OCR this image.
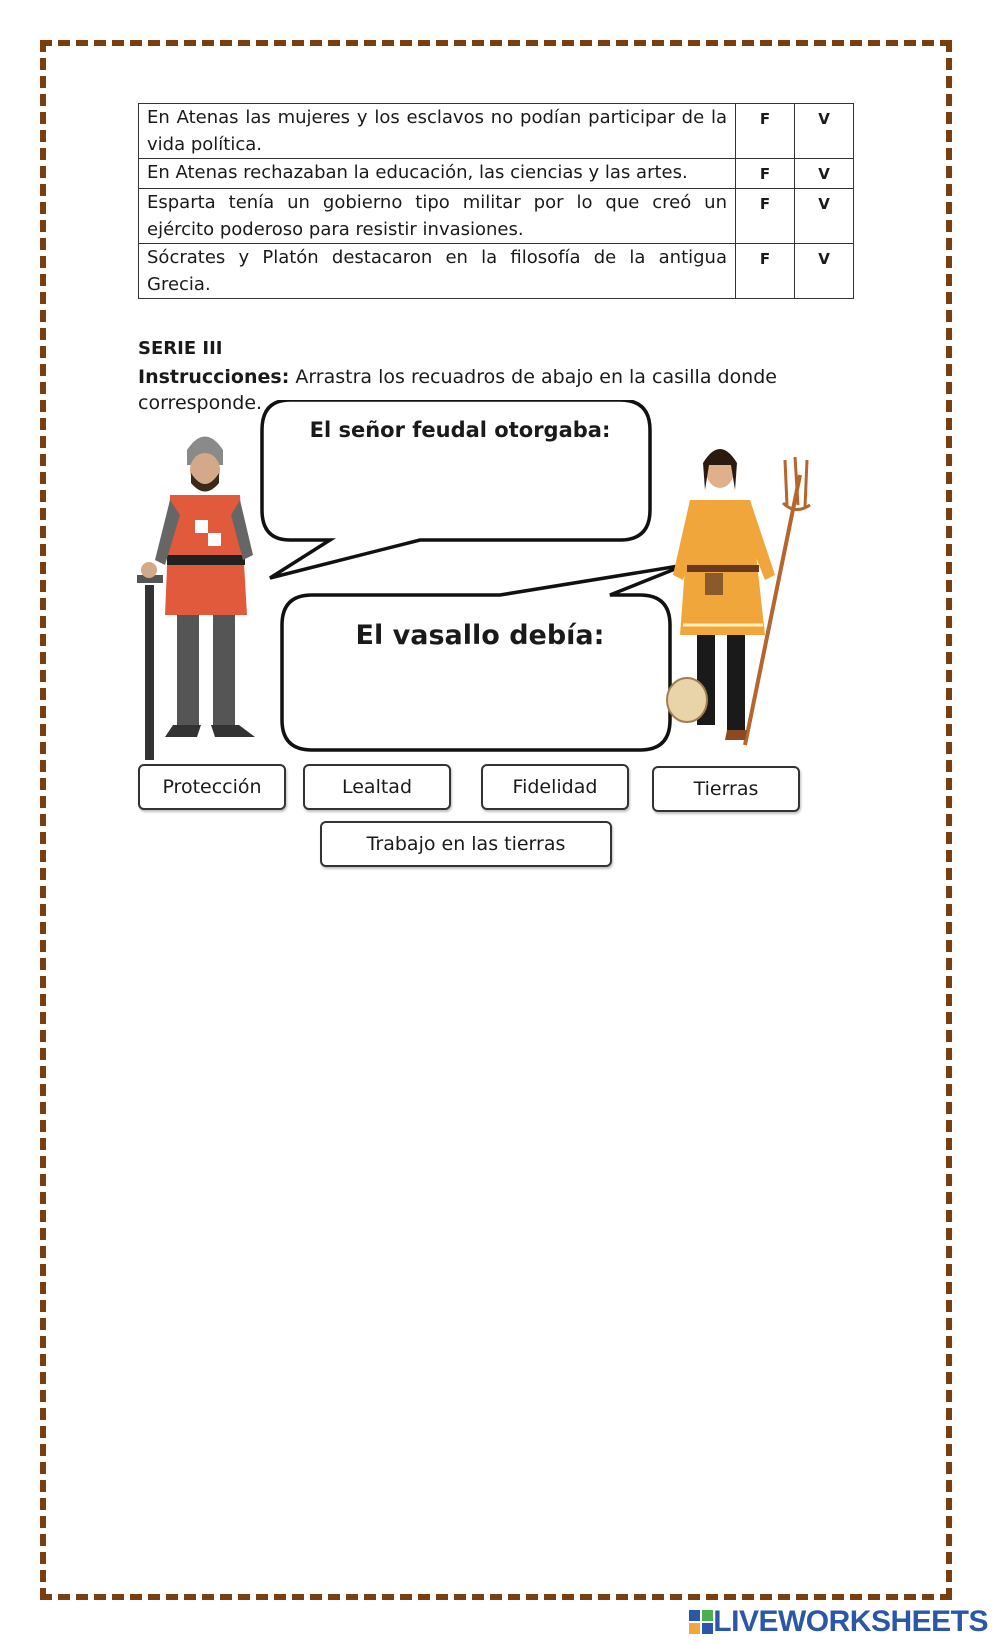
En Atenas las mujeres y los esclavos no podían participar de la vida política.	F	V
En Atenas rechazaban la educación, las ciencias y las artes.	F	V
Esparta tenía un gobierno tipo militar por lo que creó un ejército poderoso para resistir invasiones.	F	V
Sócrates y Platón destacaron en la filosofía de la antigua Grecia.	F	V
SERIE III
Instrucciones: Arrastra los recuadros de abajo en la casilla donde corresponde.
El señor feudal otorgaba:
El vasallo debía:
Protección	Lealtad	Fidelidad	Tierras
Trabajo en las tierras
LIVEWORKSHEETS
